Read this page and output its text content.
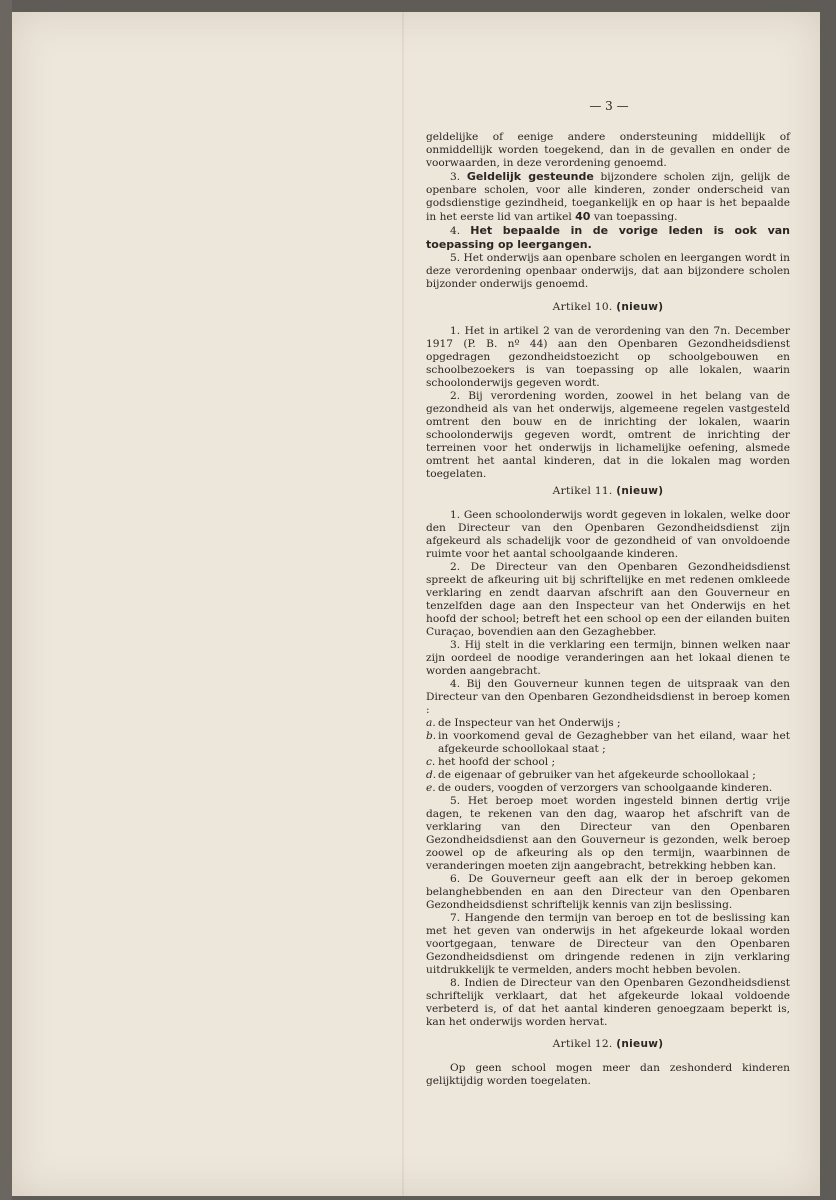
— 3 —

geldelijke of eenige andere ondersteuning middellijk of onmiddellijk worden toegekend, dan in de gevallen en onder de voorwaarden, in deze verordening genoemd.

3. Geldelijk gesteunde bijzondere scholen zijn, gelijk de openbare scholen, voor alle kinderen, zonder onderscheid van godsdienstige gezindheid, toegankelijk en op haar is het bepaalde in het eerste lid van artikel 40 van toepassing.

4. Het bepaalde in de vorige leden is ook van toepassing op leergangen.

5. Het onderwijs aan openbare scholen en leergangen wordt in deze verordening openbaar onderwijs, dat aan bijzondere scholen bijzonder onderwijs genoemd.

Artikel 10. (nieuw)

1. Het in artikel 2 van de verordening van den 7n. December 1917 (P. B. nº 44) aan den Openbaren Gezondheidsdienst opgedragen gezondheidstoezicht op schoolgebouwen en schoolbezoekers is van toepassing op alle lokalen, waarin schoolonderwijs gegeven wordt.

2. Bij verordening worden, zoowel in het belang van de gezondheid als van het onderwijs, algemeene regelen vastgesteld omtrent den bouw en de inrichting der lokalen, waarin schoolonderwijs gegeven wordt, omtrent de inrichting der terreinen voor het onderwijs in lichamelijke oefening, alsmede omtrent het aantal kinderen, dat in die lokalen mag worden toegelaten.

Artikel 11. (nieuw)

1. Geen schoolonderwijs wordt gegeven in lokalen, welke door den Directeur van den Openbaren Gezondheidsdienst zijn afgekeurd als schadelijk voor de gezondheid of van onvoldoende ruimte voor het aantal schoolgaande kinderen.

2. De Directeur van den Openbaren Gezondheidsdienst spreekt de afkeuring uit bij schriftelijke en met redenen omkleede verklaring en zendt daarvan afschrift aan den Gouverneur en tenzelfden dage aan den Inspecteur van het Onderwijs en het hoofd der school; betreft het een school op een der eilanden buiten Curaçao, bovendien aan den Gezaghebber.

3. Hij stelt in die verklaring een termijn, binnen welken naar zijn oordeel de noodige veranderingen aan het lokaal dienen te worden aangebracht.

4. Bij den Gouverneur kunnen tegen de uitspraak van den Directeur van den Openbaren Gezondheidsdienst in beroep komen :

a. de Inspecteur van het Onderwijs ;

b. in voorkomend geval de Gezaghebber van het eiland, waar het afgekeurde schoollokaal staat ;

c. het hoofd der school ;

d. de eigenaar of gebruiker van het afgekeurde schoollokaal ;

e. de ouders, voogden of verzorgers van schoolgaande kinderen.

5. Het beroep moet worden ingesteld binnen dertig vrije dagen, te rekenen van den dag, waarop het afschrift van de verklaring van den Directeur van den Openbaren Gezondheidsdienst aan den Gouverneur is gezonden, welk beroep zoowel op de afkeuring als op den termijn, waarbinnen de veranderingen moeten zijn aangebracht, betrekking hebben kan.

6. De Gouverneur geeft aan elk der in beroep gekomen belanghebbenden en aan den Directeur van den Openbaren Gezondheidsdienst schriftelijk kennis van zijn beslissing.

7. Hangende den termijn van beroep en tot de beslissing kan met het geven van onderwijs in het afgekeurde lokaal worden voortgegaan, tenware de Directeur van den Openbaren Gezondheidsdienst om dringende redenen in zijn verklaring uitdrukkelijk te vermelden, anders mocht hebben bevolen.

8. Indien de Directeur van den Openbaren Gezondheidsdienst schriftelijk verklaart, dat het afgekeurde lokaal voldoende verbeterd is, of dat het aantal kinderen genoegzaam beperkt is, kan het onderwijs worden hervat.

Artikel 12. (nieuw)

Op geen school mogen meer dan zeshonderd kinderen gelijktijdig worden toegelaten.
